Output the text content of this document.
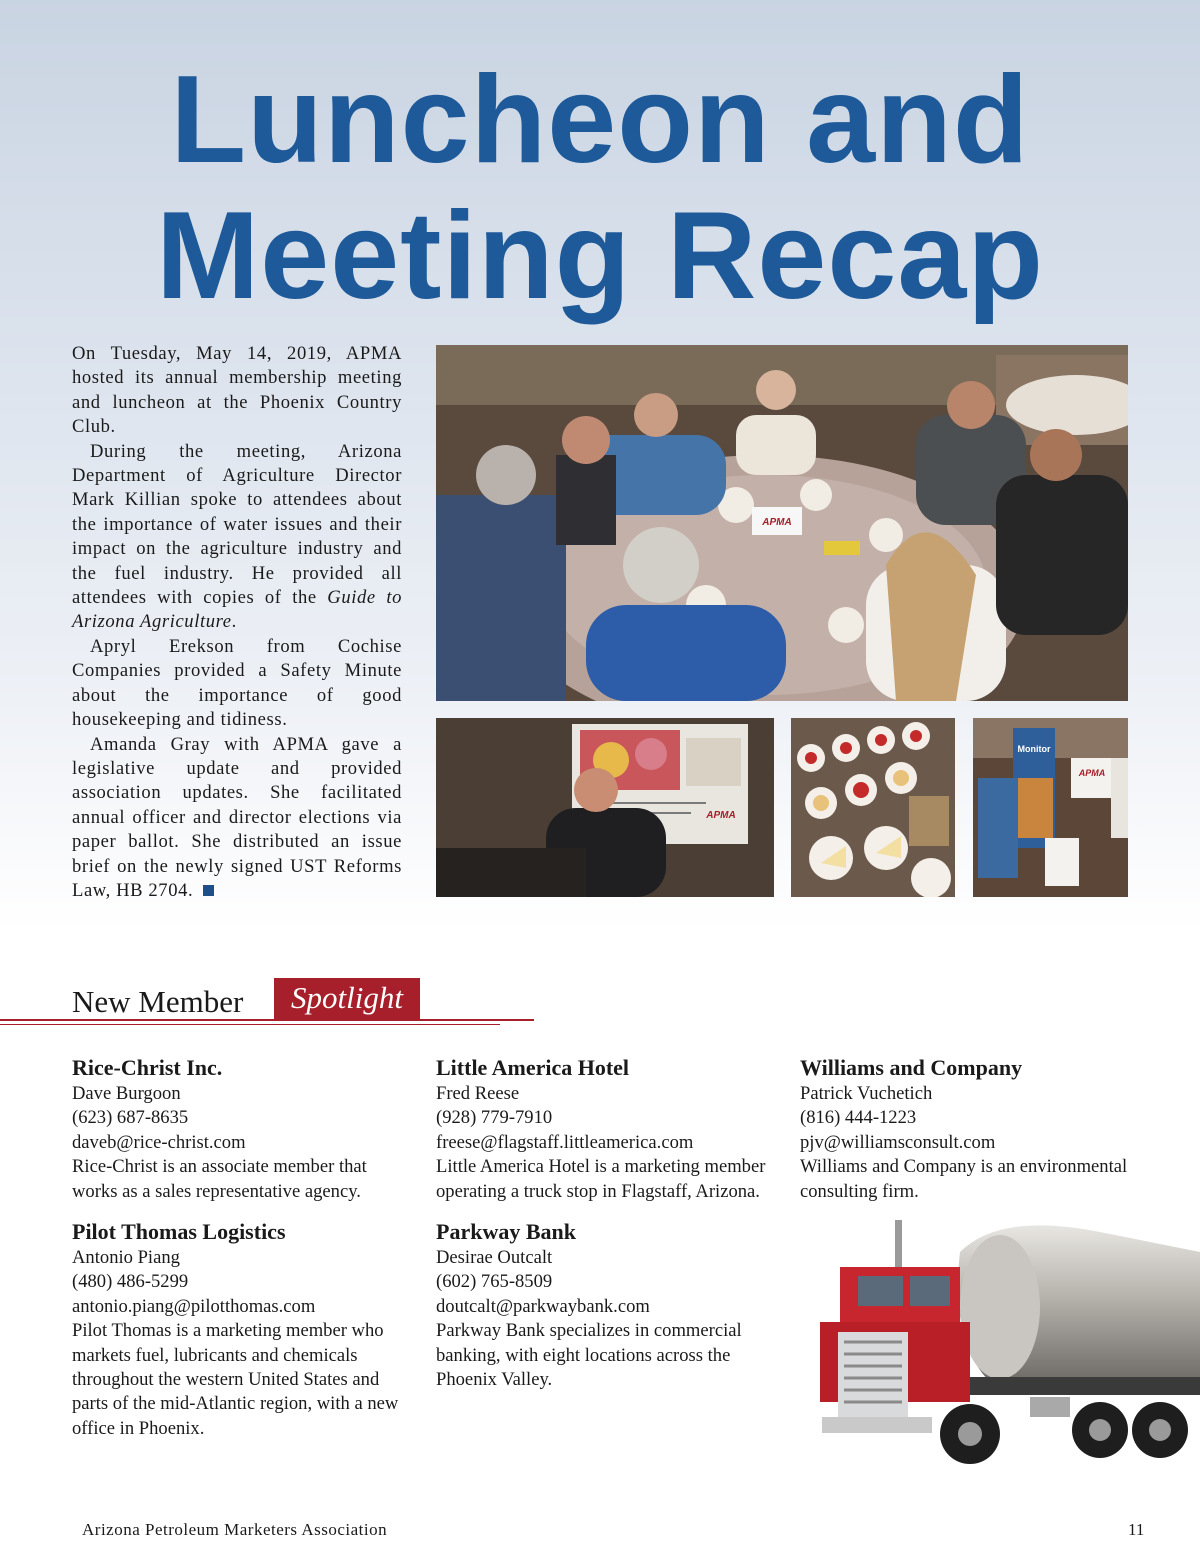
Luncheon and
Meeting Recap

On Tuesday, May 14, 2019, APMA hosted its annual membership meeting and luncheon at the Phoenix Country Club.

During the meeting, Arizona Department of Agriculture Director Mark Killian spoke to attendees about the importance of water issues and their impact on the agriculture industry and the fuel industry. He provided all attendees with copies of the Guide to Arizona Agriculture.

Apryl Erekson from Cochise Companies provided a Safety Minute about the importance of good housekeeping and tidiness.

Amanda Gray with APMA gave a legislative update and provided association updates. She facilitated annual officer and director elections via paper ballot. She distributed an issue brief on the newly signed UST Reforms Law, HB 2704.

APMA
APMA
Monitor
APMA
New Member	Spotlight
Rice-Christ Inc.
Dave Burgoon
(623) 687-8635
daveb@rice-christ.com

Rice-Christ is an associate member that works as a sales representative agency.

Pilot Thomas Logistics
Antonio Piang
(480) 486-5299
antonio.piang@pilotthomas.com

Pilot Thomas is a marketing member who markets fuel, lubricants and chemicals throughout the western United States and parts of the mid-Atlantic region, with a new office in Phoenix.

Little America Hotel
Fred Reese
(928) 779-7910
freese@flagstaff.littleamerica.com

Little America Hotel is a marketing member operating a truck stop in Flagstaff, Arizona.

Parkway Bank
Desirae Outcalt
(602) 765-8509
doutcalt@parkwaybank.com

Parkway Bank specializes in commercial banking, with eight locations across the Phoenix Valley.

Williams and Company
Patrick Vuchetich
(816) 444-1223
pjv@williamsconsult.com

Williams and Company is an environmental consulting firm.

Arizona Petroleum Marketers Association	11
